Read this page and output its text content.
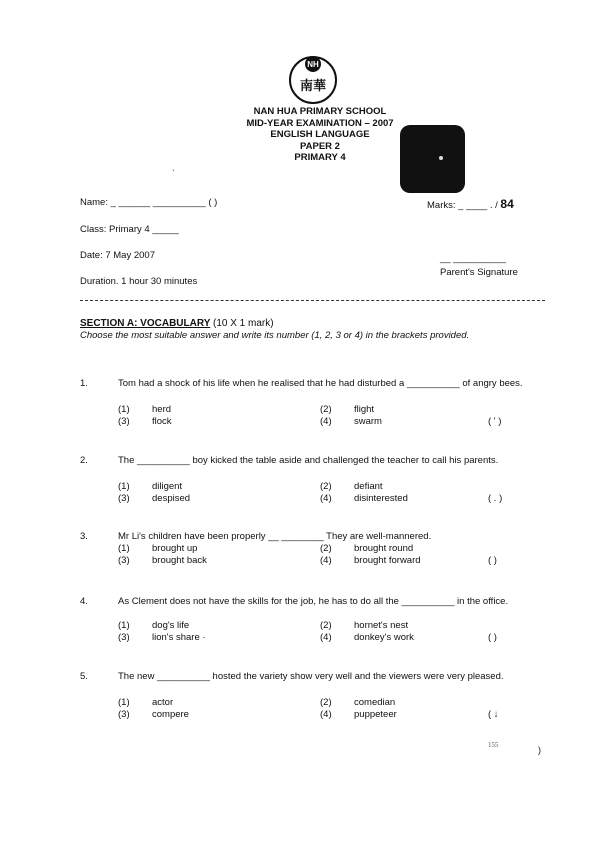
NH
南華
NAN HUA PRIMARY SCHOOL
MID-YEAR EXAMINATION – 2007
ENGLISH LANGUAGE
PAPER 2
PRIMARY 4
˴
Name: _ ______ __________ ( )	Marks: _ ____ . / 84
Class: Primary 4 _____
Date: 7 May 2007	__ __________
Parent's Signature
Duration. 1 hour 30 minutes
SECTION A: VOCABULARY (10 X 1 mark)
Choose the most suitable answer and write its number (1, 2, 3 or 4) in the brackets provided.
1.	Tom had a shock of his life when he realised that he had disturbed a __________ of angry bees.
(1) herd	(2) flight
(3) flock	(4) swarm	( ' )
2.	The __________ boy kicked the table aside and challenged the teacher to call his parents.
(1) diligent	(2) defiant
(3) despised	(4) disinterested	( . )
3.	Mr Li's children have been properly __ ________ They are well-mannered.
(1) brought up	(2) brought round
(3) brought back	(4) brought forward	( )
4.	As Clement does not have the skills for the job, he has to do all the __________ in the office.
(1) dog's life	(2) hornet's nest
(3) lion's share ·	(4) donkey's work	( )
5.	The new __________ hosted the variety show very well and the viewers were very pleased.
(1) actor	(2) comedian
(3) compere	(4) puppeteer	( ↓
155	)
